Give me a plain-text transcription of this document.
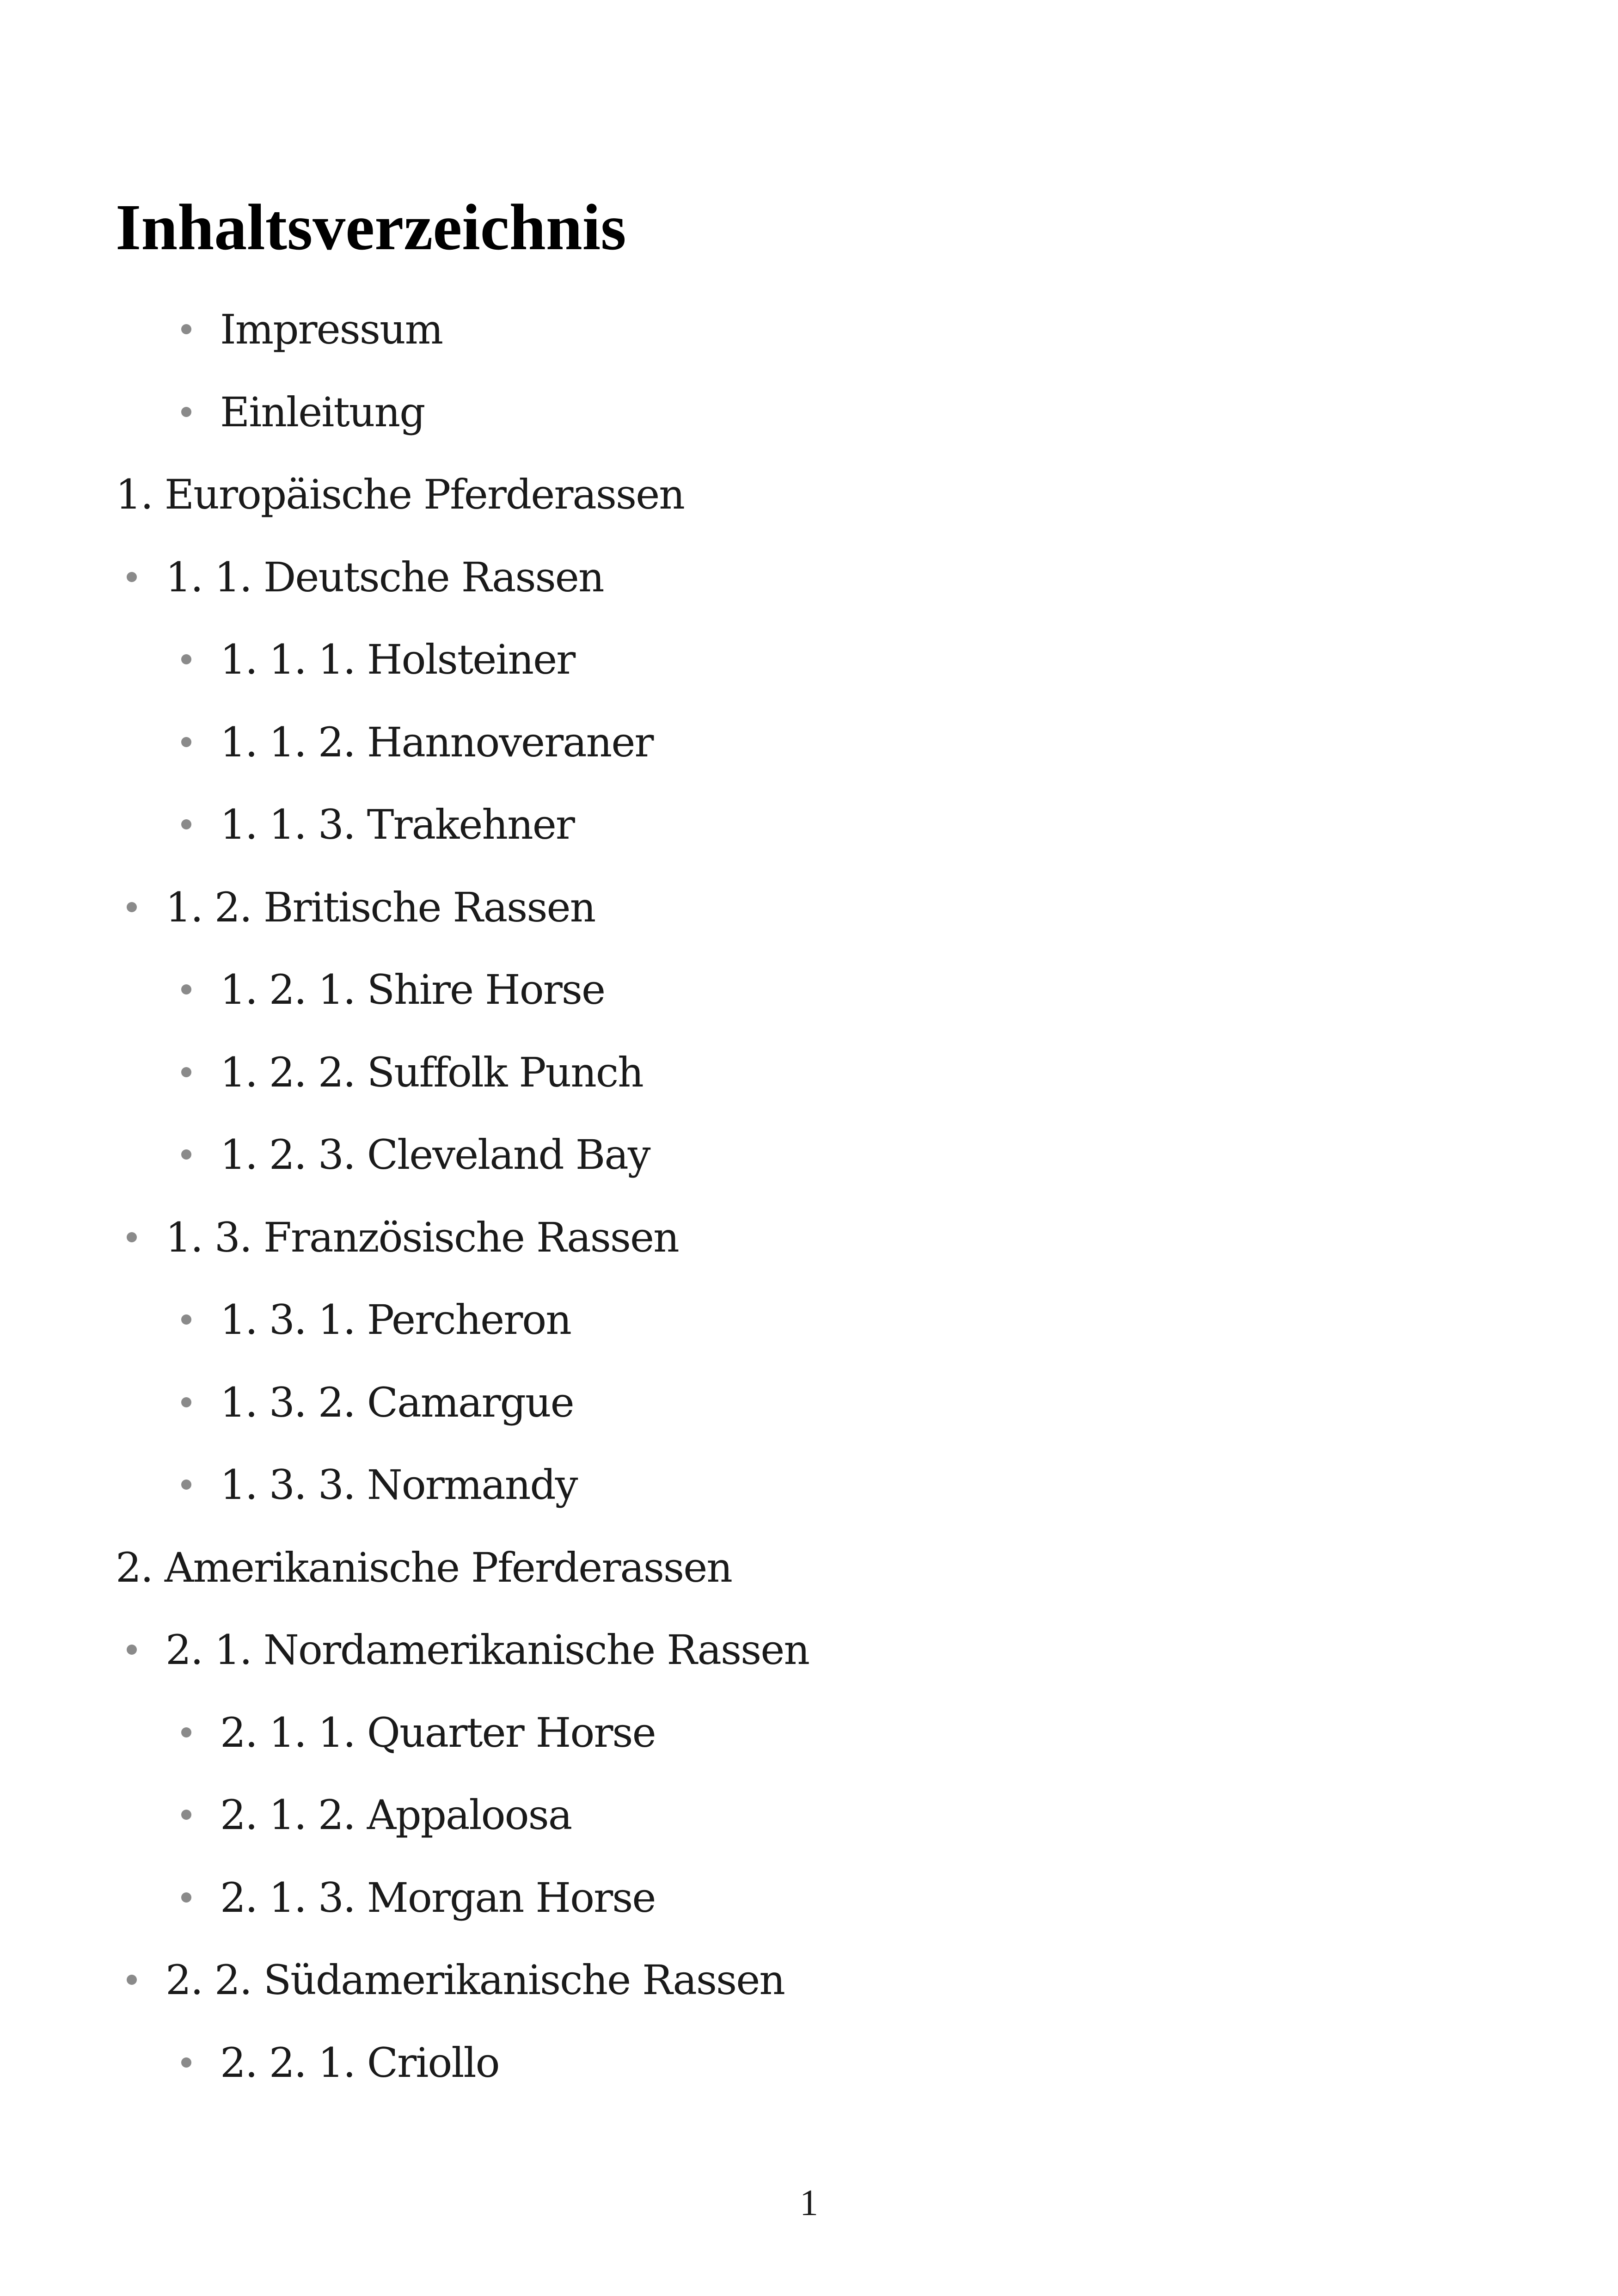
Inhaltsverzeichnis
Impressum
Einleitung
1. Europäische Pferderassen
1. 1. Deutsche Rassen
1. 1. 1. Holsteiner
1. 1. 2. Hannoveraner
1. 1. 3. Trakehner
1. 2. Britische Rassen
1. 2. 1. Shire Horse
1. 2. 2. Suffolk Punch
1. 2. 3. Cleveland Bay
1. 3. Französische Rassen
1. 3. 1. Percheron
1. 3. 2. Camargue
1. 3. 3. Normandy
2. Amerikanische Pferderassen
2. 1. Nordamerikanische Rassen
2. 1. 1. Quarter Horse
2. 1. 2. Appaloosa
2. 1. 3. Morgan Horse
2. 2. Südamerikanische Rassen
2. 2. 1. Criollo
1
